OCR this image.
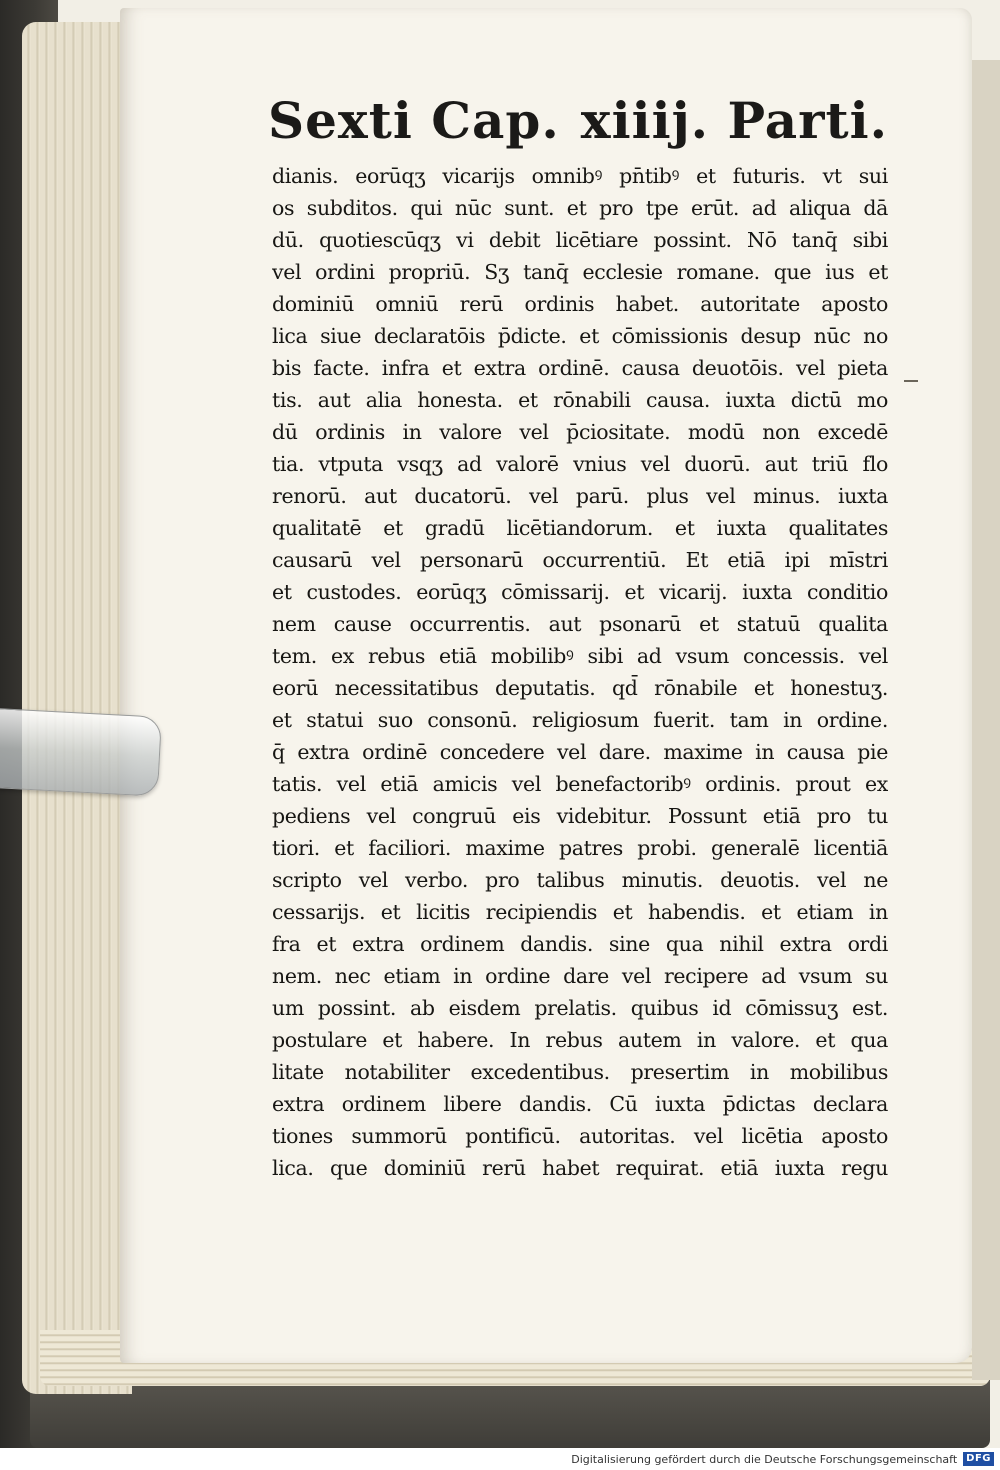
Sexti Cap. xiiij. Parti.
dianis. eorūqʒ vicarijs omnibꝰ pn̄tibꝰ et futuris. vt sui
os subditos. qui nūc sunt. et pro tpe erūt. ad aliqua dā
dū. quotiescūqʒ vi debit licētiare possint. Nō tanq̄ sibi
vel ordini propriū. Sʒ tanq̄ ecclesie romane. que ius et
dominiū omniū rerū ordinis habet. autoritate aposto
lica siue declaratōis p̄dicte. et cōmissionis desup nūc no
bis facte. infra et extra ordinē. causa deuotōis. vel pieta
tis. aut alia honesta. et rōnabili causa. iuxta dictū mo
dū ordinis in valore vel p̄ciositate. modū non excedē
tia. vtputa vsqʒ ad valorē vnius vel duorū. aut triū flo
renorū. aut ducatorū. vel parū. plus vel minus. iuxta
qualitatē et gradū licētiandorum. et iuxta qualitates
causarū vel personarū occurrentiū. Et etiā ipi mīstri
et custodes. eorūqʒ cōmissarij. et vicarij. iuxta conditio
nem cause occurrentis. aut psonarū et statuū qualita
tem. ex rebus etiā mobilibꝰ sibi ad vsum concessis. vel
eorū necessitatibus deputatis. qd̄ rōnabile et honestuʒ.
et statui suo consonū. religiosum fuerit. tam in ordine.
q̄ extra ordinē concedere vel dare. maxime in causa pie
tatis. vel etiā amicis vel benefactoribꝰ ordinis. prout ex
pediens vel congruū eis videbitur. Possunt etiā pro tu
tiori. et faciliori. maxime patres probi. generalē licentiā
scripto vel verbo. pro talibus minutis. deuotis. vel ne
cessarijs. et licitis recipiendis et habendis. et etiam in
fra et extra ordinem dandis. sine qua nihil extra ordi
nem. nec etiam in ordine dare vel recipere ad vsum su
um possint. ab eisdem prelatis. quibus id cōmissuʒ est.
postulare et habere. In rebus autem in valore. et qua
litate notabiliter excedentibus. presertim in mobilibus
extra ordinem libere dandis. Cū iuxta p̄dictas declara
tiones summorū pontificū. autoritas. vel licētia aposto
lica. que dominiū rerū habet requirat. etiā iuxta regu
Digitalisierung gefördert durch die Deutsche Forschungsgemeinschaft DFG
